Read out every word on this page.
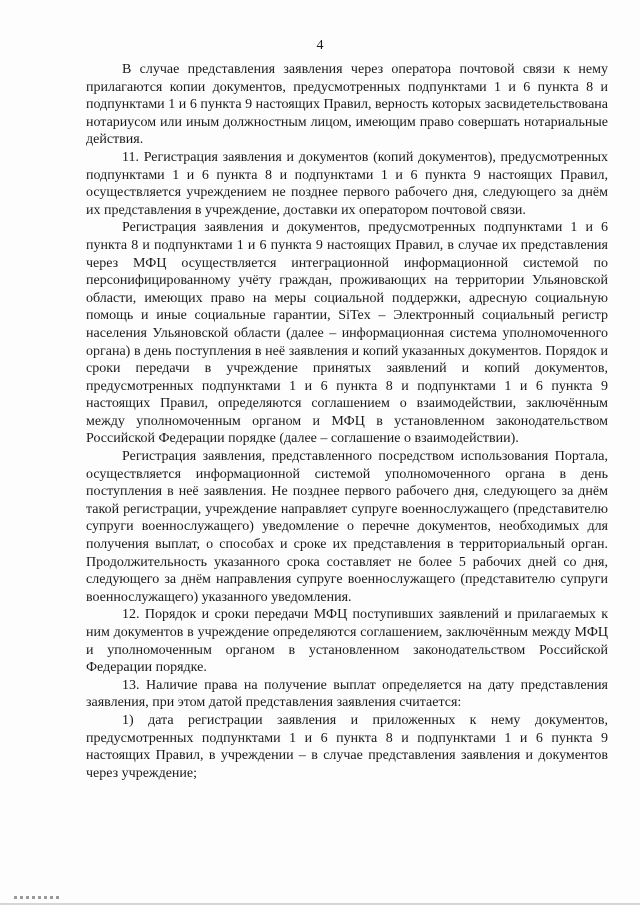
4

В случае представления заявления через оператора почтовой связи к нему прилагаются копии документов, предусмотренных подпунктами 1 и 6 пункта 8 и подпунктами 1 и 6 пункта 9 настоящих Правил, верность которых засвидетельствована нотариусом или иным должностным лицом, имеющим право совершать нотариальные действия.

11. Регистрация заявления и документов (копий документов), предусмотренных подпунктами 1 и 6 пункта 8 и подпунктами 1 и 6 пункта 9 настоящих Правил, осуществляется учреждением не позднее первого рабочего дня, следующего за днём их представления в учреждение, доставки их оператором почтовой связи.

Регистрация заявления и документов, предусмотренных подпунктами 1 и 6 пункта 8 и подпунктами 1 и 6 пункта 9 настоящих Правил, в случае их представления через МФЦ осуществляется интеграционной информационной системой по персонифицированному учёту граждан, проживающих на территории Ульяновской области, имеющих право на меры социальной поддержки, адресную социальную помощь и иные социальные гарантии, SiTex – Электронный социальный регистр населения Ульяновской области (далее – информационная система уполномоченного органа) в день поступления в неё заявления и копий указанных документов. Порядок и сроки передачи в учреждение принятых заявлений и копий документов, предусмотренных подпунктами 1 и 6 пункта 8 и подпунктами 1 и 6 пункта 9 настоящих Правил, определяются соглашением о взаимодействии, заключённым между уполномоченным органом и МФЦ в установленном законодательством Российской Федерации порядке (далее – соглашение о взаимодействии).

Регистрация заявления, представленного посредством использования Портала, осуществляется информационной системой уполномоченного органа в день поступления в неё заявления. Не позднее первого рабочего дня, следующего за днём такой регистрации, учреждение направляет супруге военнослужащего (представителю супруги военнослужащего) уведомление о перечне документов, необходимых для получения выплат, о способах и сроке их представления в территориальный орган. Продолжительность указанного срока составляет не более 5 рабочих дней со дня, следующего за днём направления супруге военнослужащего (представителю супруги военнослужащего) указанного уведомления.

12. Порядок и сроки передачи МФЦ поступивших заявлений и прилагаемых к ним документов в учреждение определяются соглашением, заключённым между МФЦ и уполномоченным органом в установленном законодательством Российской Федерации порядке.

13. Наличие права на получение выплат определяется на дату представления заявления, при этом датой представления заявления считается:

1) дата регистрации заявления и приложенных к нему документов, предусмотренных подпунктами 1 и 6 пункта 8 и подпунктами 1 и 6 пункта 9 настоящих Правил, в учреждении – в случае представления заявления и документов через учреждение;
